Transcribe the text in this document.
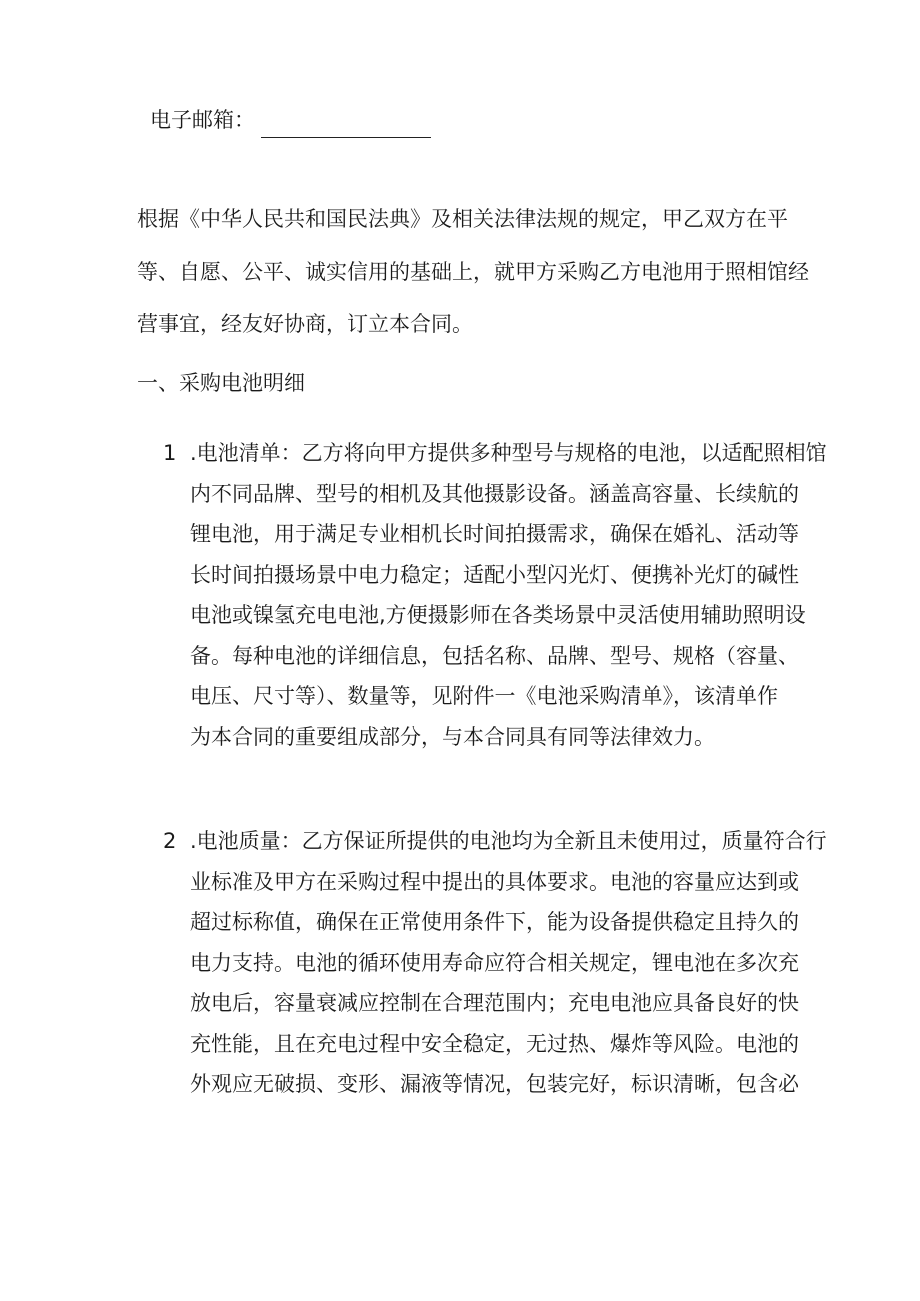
电子邮箱：

根据《中华人民共和国民法典》及相关法律法规的规定，甲乙双方在平
等、自愿、公平、诚实信用的基础上，就甲方采购乙方电池用于照相馆经
营事宜，经友好协商，订立本合同。

一、采购电池明细
1 .电池清单：乙方将向甲方提供多种型号与规格的电池，以适配照相馆
内不同品牌、型号的相机及其他摄影设备。涵盖高容量、长续航的
锂电池，用于满足专业相机长时间拍摄需求，确保在婚礼、活动等
长时间拍摄场景中电力稳定；适配小型闪光灯、便携补光灯的碱性
电池或镍氢充电电池,方便摄影师在各类场景中灵活使用辅助照明设
备。每种电池的详细信息，包括名称、品牌、型号、规格（容量、
电压、尺寸等）、数量等，见附件一《电池采购清单》，该清单作
为本合同的重要组成部分，与本合同具有同等法律效力。
2 .电池质量：乙方保证所提供的电池均为全新且未使用过，质量符合行
业标准及甲方在采购过程中提出的具体要求。电池的容量应达到或
超过标称值，确保在正常使用条件下，能为设备提供稳定且持久的
电力支持。电池的循环使用寿命应符合相关规定，锂电池在多次充
放电后，容量衰减应控制在合理范围内；充电电池应具备良好的快
充性能，且在充电过程中安全稳定，无过热、爆炸等风险。电池的
外观应无破损、变形、漏液等情况，包装完好，标识清晰，包含必
